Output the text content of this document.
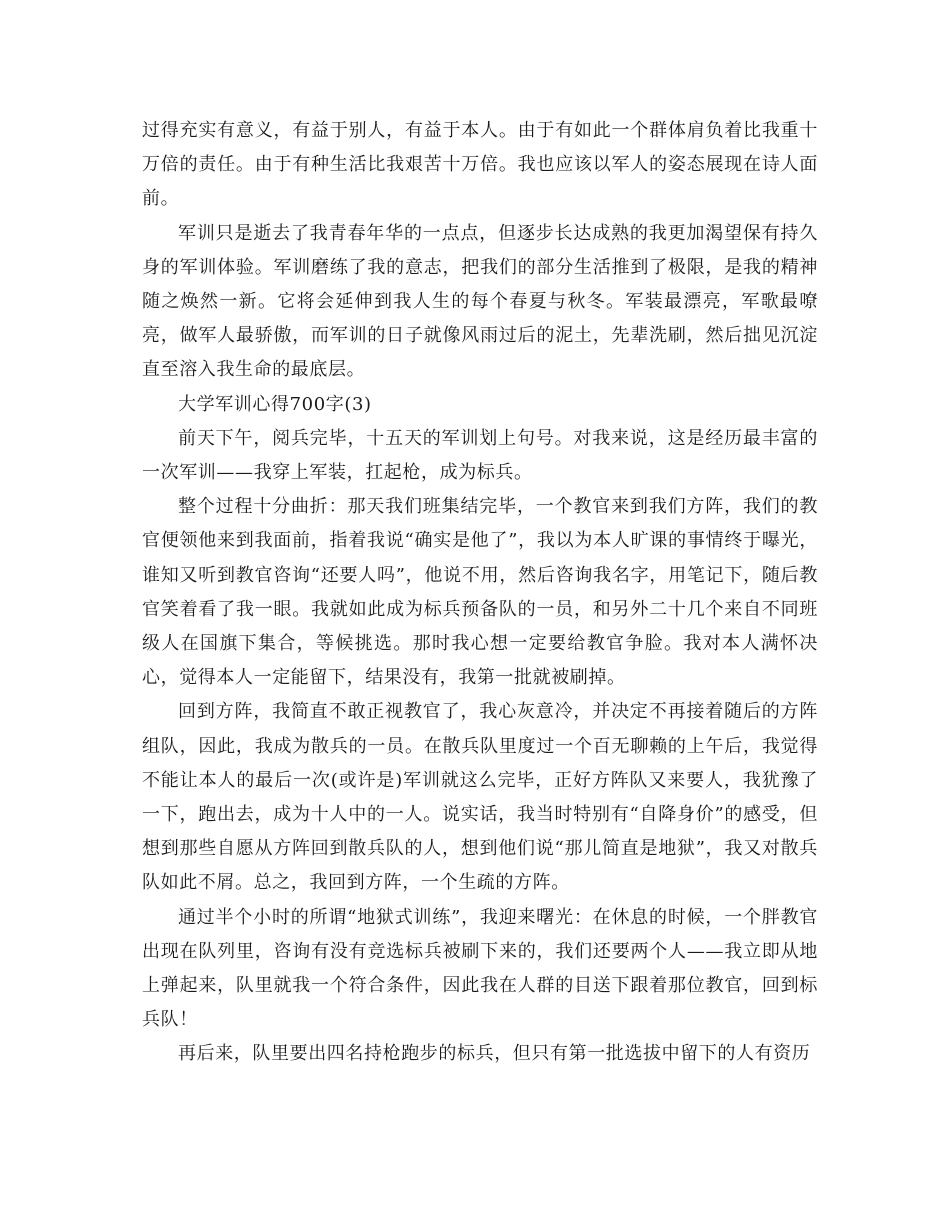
过得充实有意义，有益于别人，有益于本人。由于有如此一个群体肩负着比我重十万倍的责任。由于有种生活比我艰苦十万倍。我也应该以军人的姿态展现在诗人面前。

军训只是逝去了我青春年华的一点点，但逐步长达成熟的我更加渴望保有持久身的军训体验。军训磨练了我的意志，把我们的部分生活推到了极限，是我的精神随之焕然一新。它将会延伸到我人生的每个春夏与秋冬。军装最漂亮，军歌最嘹亮，做军人最骄傲，而军训的日子就像风雨过后的泥土，先辈洗刷，然后拙见沉淀直至溶入我生命的最底层。

大学军训心得700字(3)

前天下午，阅兵完毕，十五天的军训划上句号。对我来说，这是经历最丰富的一次军训——我穿上军装，扛起枪，成为标兵。

整个过程十分曲折：那天我们班集结完毕，一个教官来到我们方阵，我们的教官便领他来到我面前，指着我说“确实是他了”，我以为本人旷课的事情终于曝光，谁知又听到教官咨询“还要人吗”，他说不用，然后咨询我名字，用笔记下，随后教官笑着看了我一眼。我就如此成为标兵预备队的一员，和另外二十几个来自不同班级人在国旗下集合，等候挑选。那时我心想一定要给教官争脸。我对本人满怀决心，觉得本人一定能留下，结果没有，我第一批就被刷掉。

回到方阵，我简直不敢正视教官了，我心灰意冷，并决定不再接着随后的方阵组队，因此，我成为散兵的一员。在散兵队里度过一个百无聊赖的上午后，我觉得不能让本人的最后一次(或许是)军训就这么完毕，正好方阵队又来要人，我犹豫了一下，跑出去，成为十人中的一人。说实话，我当时特别有“自降身价”的感受，但想到那些自愿从方阵回到散兵队的人，想到他们说“那儿简直是地狱”，我又对散兵队如此不屑。总之，我回到方阵，一个生疏的方阵。

通过半个小时的所谓“地狱式训练”，我迎来曙光：在休息的时候，一个胖教官出现在队列里，咨询有没有竞选标兵被刷下来的，我们还要两个人——我立即从地上弹起来，队里就我一个符合条件，因此我在人群的目送下跟着那位教官，回到标兵队！

再后来，队里要出四名持枪跑步的标兵，但只有第一批选拔中留下的人有资历
